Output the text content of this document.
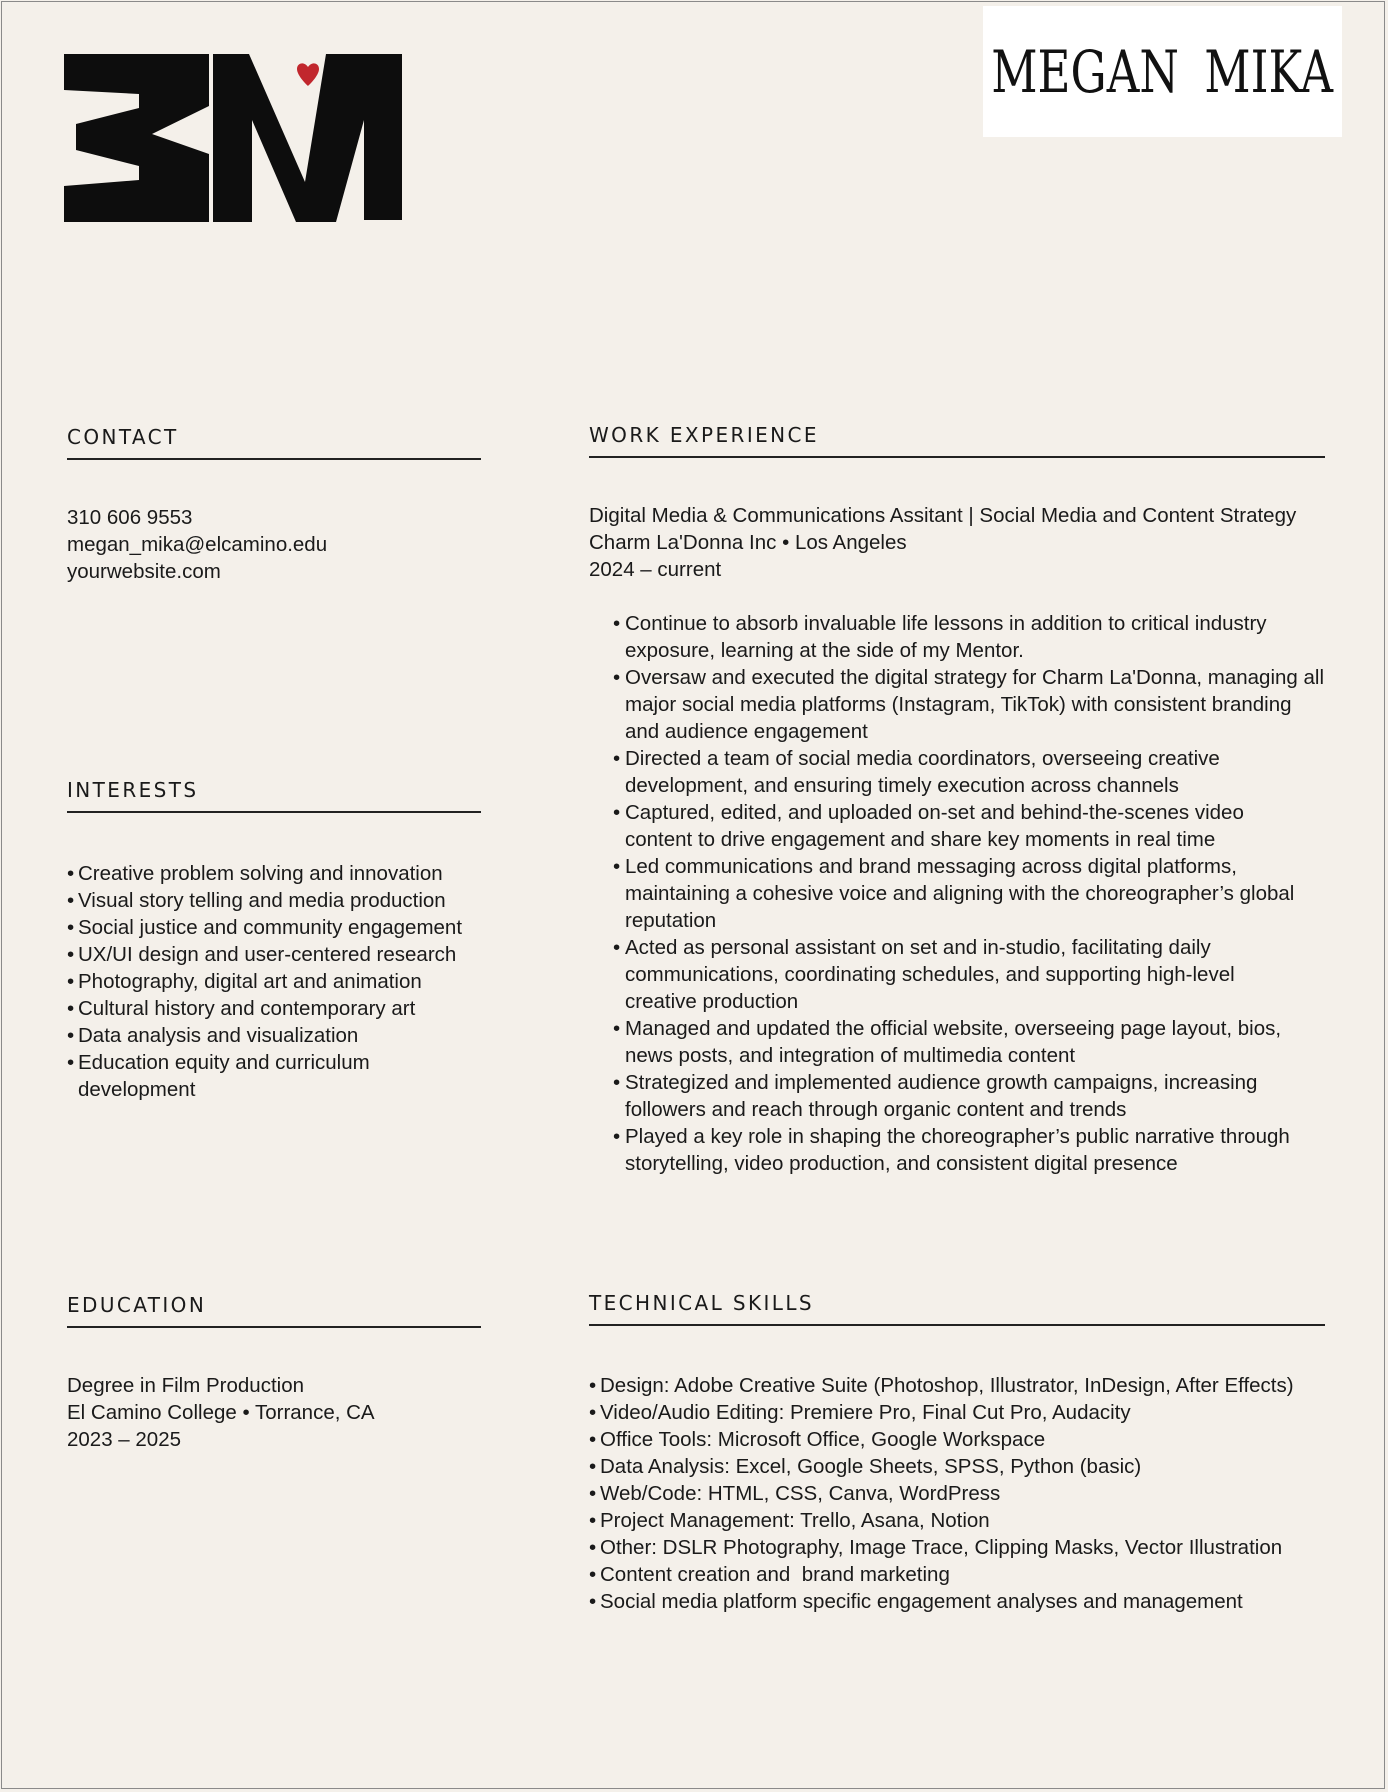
MEGAN MIKA
CONTACT
310 606 9553
megan_mika@elcamino.edu
yourwebsite.com
INTERESTS
• Creative problem solving and innovation
• Visual story telling and media production
• Social justice and community engagement
• UX/UI design and user-centered research
• Photography, digital art and animation
• Cultural history and contemporary art
• Data analysis and visualization
• Education equity and curriculum development
EDUCATION
Degree in Film Production
El Camino College • Torrance, CA
2023 – 2025
WORK EXPERIENCE
Digital Media & Communications Assitant | Social Media and Content Strategy
Charm La'Donna Inc • Los Angeles
2024 – current
• Continue to absorb invaluable life lessons in addition to critical industry exposure, learning at the side of my Mentor.
• Oversaw and executed the digital strategy for Charm La'Donna, managing all major social media platforms (Instagram, TikTok) with consistent branding and audience engagement
• Directed a team of social media coordinators, overseeing creative development, and ensuring timely execution across channels
• Captured, edited, and uploaded on-set and behind-the-scenes video content to drive engagement and share key moments in real time
• Led communications and brand messaging across digital platforms, maintaining a cohesive voice and aligning with the choreographer’s global reputation
• Acted as personal assistant on set and in-studio, facilitating daily communications, coordinating schedules, and supporting high-level creative production
• Managed and updated the official website, overseeing page layout, bios, news posts, and integration of multimedia content
• Strategized and implemented audience growth campaigns, increasing followers and reach through organic content and trends
• Played a key role in shaping the choreographer’s public narrative through storytelling, video production, and consistent digital presence
TECHNICAL SKILLS
• Design: Adobe Creative Suite (Photoshop, Illustrator, InDesign, After Effects)
• Video/Audio Editing: Premiere Pro, Final Cut Pro, Audacity
• Office Tools: Microsoft Office, Google Workspace
• Data Analysis: Excel, Google Sheets, SPSS, Python (basic)
• Web/Code: HTML, CSS, Canva, WordPress
• Project Management: Trello, Asana, Notion
• Other: DSLR Photography, Image Trace, Clipping Masks, Vector Illustration
• Content creation and  brand marketing
• Social media platform specific engagement analyses and management
